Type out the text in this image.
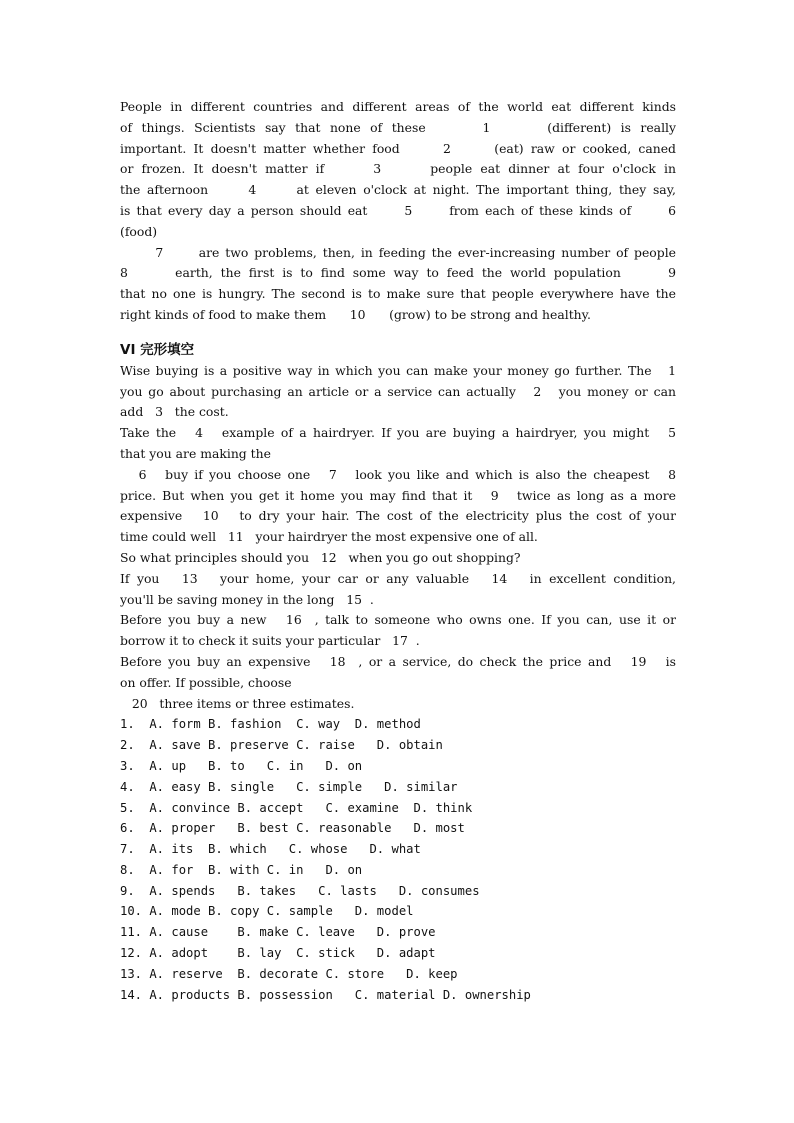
People in different countries and different areas of the world eat different kinds
of things. Scientists say that none of these      1      (different) is really
important. It doesn't matter whether food      2      (eat) raw or cooked, caned
or frozen. It doesn't matter if      3      people eat dinner at four o'clock in
the afternoon      4      at eleven o'clock at night. The important thing, they say,
is that every day a person should eat      5      from each of these kinds of      6
(food)
7      are two problems, then, in feeding the ever-increasing number of people
8      earth, the first is to find some way to feed the world population      9
that no one is hungry. The second is to make sure that people everywhere have the
right kinds of food to make them      10      (grow) to be strong and healthy.
VI 完形填空
Wise buying is a positive way in which you can make your money go further. The   1
you go about purchasing an article or a service can actually   2   you money or can
add   3   the cost.
Take the   4   example of a hairdryer. If you are buying a hairdryer, you might   5
that you are making the
6   buy if you choose one   7   look you like and which is also the cheapest   8
price. But when you get it home you may find that it   9   twice as long as a more
expensive   10   to dry your hair. The cost of the electricity plus the cost of your
time could well   11   your hairdryer the most expensive one of all.
So what principles should you   12   when you go out shopping?
If you   13   your home, your car or any valuable   14   in excellent condition,
you'll be saving money in the long   15  .
Before you buy a new   16  , talk to someone who owns one. If you can, use it or
borrow it to check it suits your particular   17  .
Before you buy an expensive   18  , or a service, do check the price and   19   is
on offer. If possible, choose
20   three items or three estimates.
1.  A. form B. fashion  C. way  D. method
2.  A. save B. preserve C. raise   D. obtain
3.  A. up   B. to   C. in   D. on
4.  A. easy B. single   C. simple   D. similar
5.  A. convince B. accept   C. examine  D. think
6.  A. proper   B. best C. reasonable   D. most
7.  A. its  B. which   C. whose   D. what
8.  A. for  B. with C. in   D. on
9.  A. spends   B. takes   C. lasts   D. consumes
10. A. mode B. copy C. sample   D. model
11. A. cause    B. make C. leave   D. prove
12. A. adopt    B. lay  C. stick   D. adapt
13. A. reserve  B. decorate C. store   D. keep
14. A. products B. possession   C. material D. ownership
